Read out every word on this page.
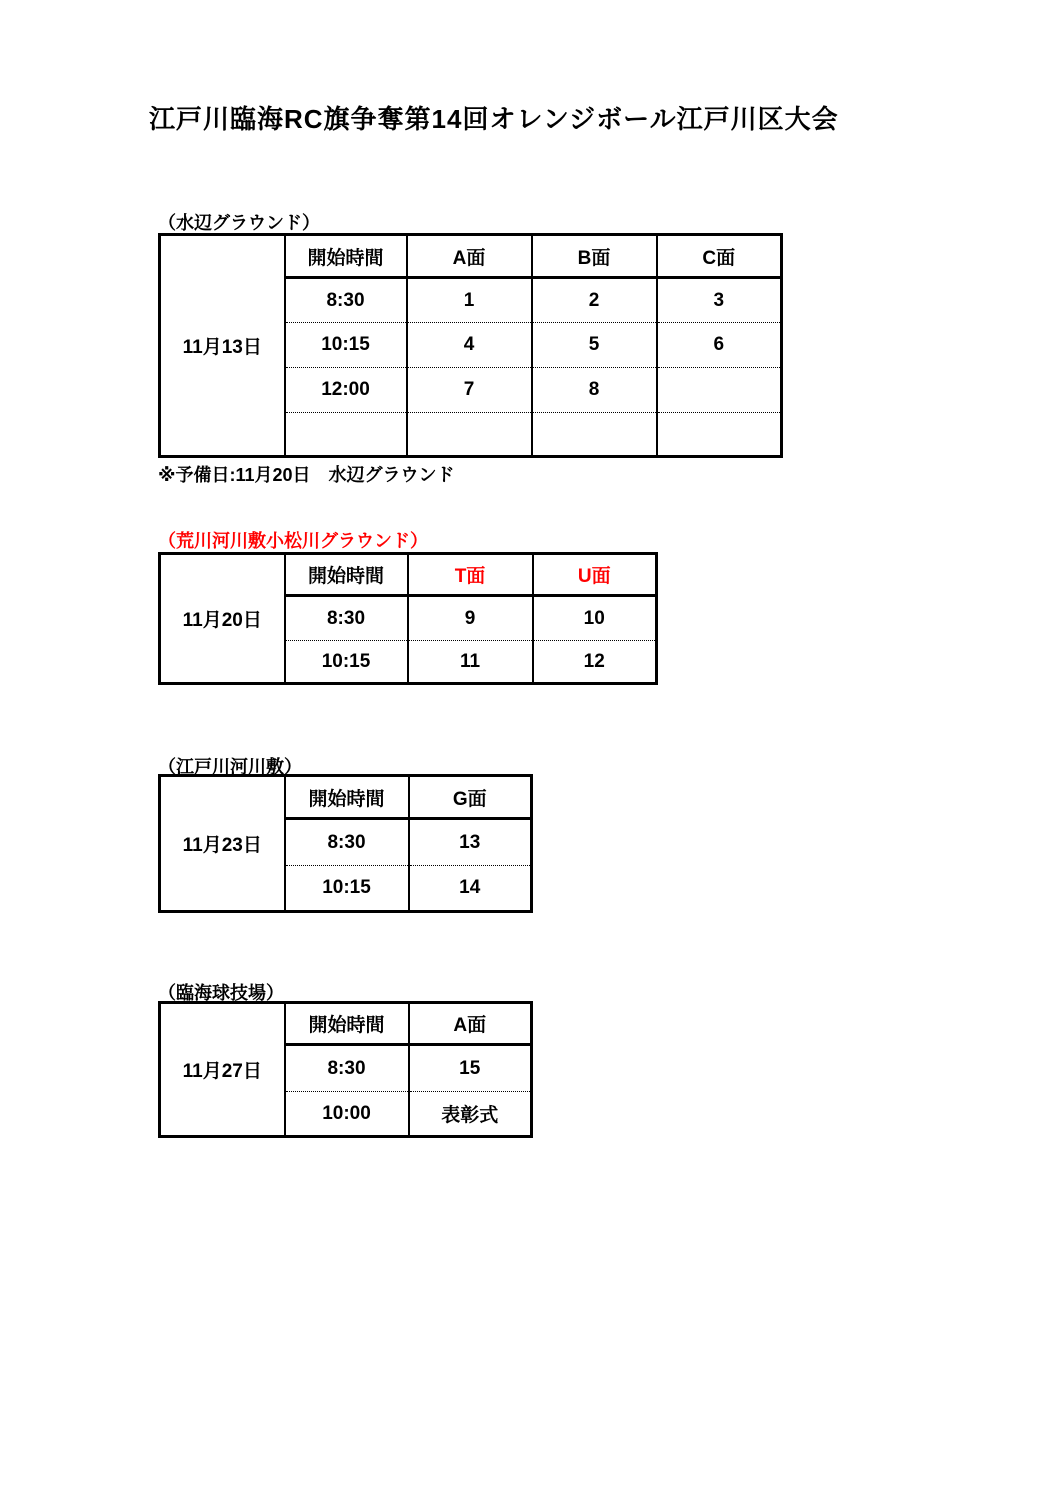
江戸川臨海RC旗争奪第14回オレンジボール江戸川区大会
（水辺グラウンド）
11月13日	開始時間	A面	B面	C面
	8:30	1	2	3
	10:15	4	5	6
	12:00	7	8	

※予備日:11月20日　水辺グラウンド
（荒川河川敷小松川グラウンド）
11月20日	開始時間	T面	U面
	8:30	9	10
	10:15	11	12
（江戸川河川敷）
11月23日	開始時間	G面
	8:30	13
	10:15	14
（臨海球技場）
11月27日	開始時間	A面
	8:30	15
	10:00	表彰式
